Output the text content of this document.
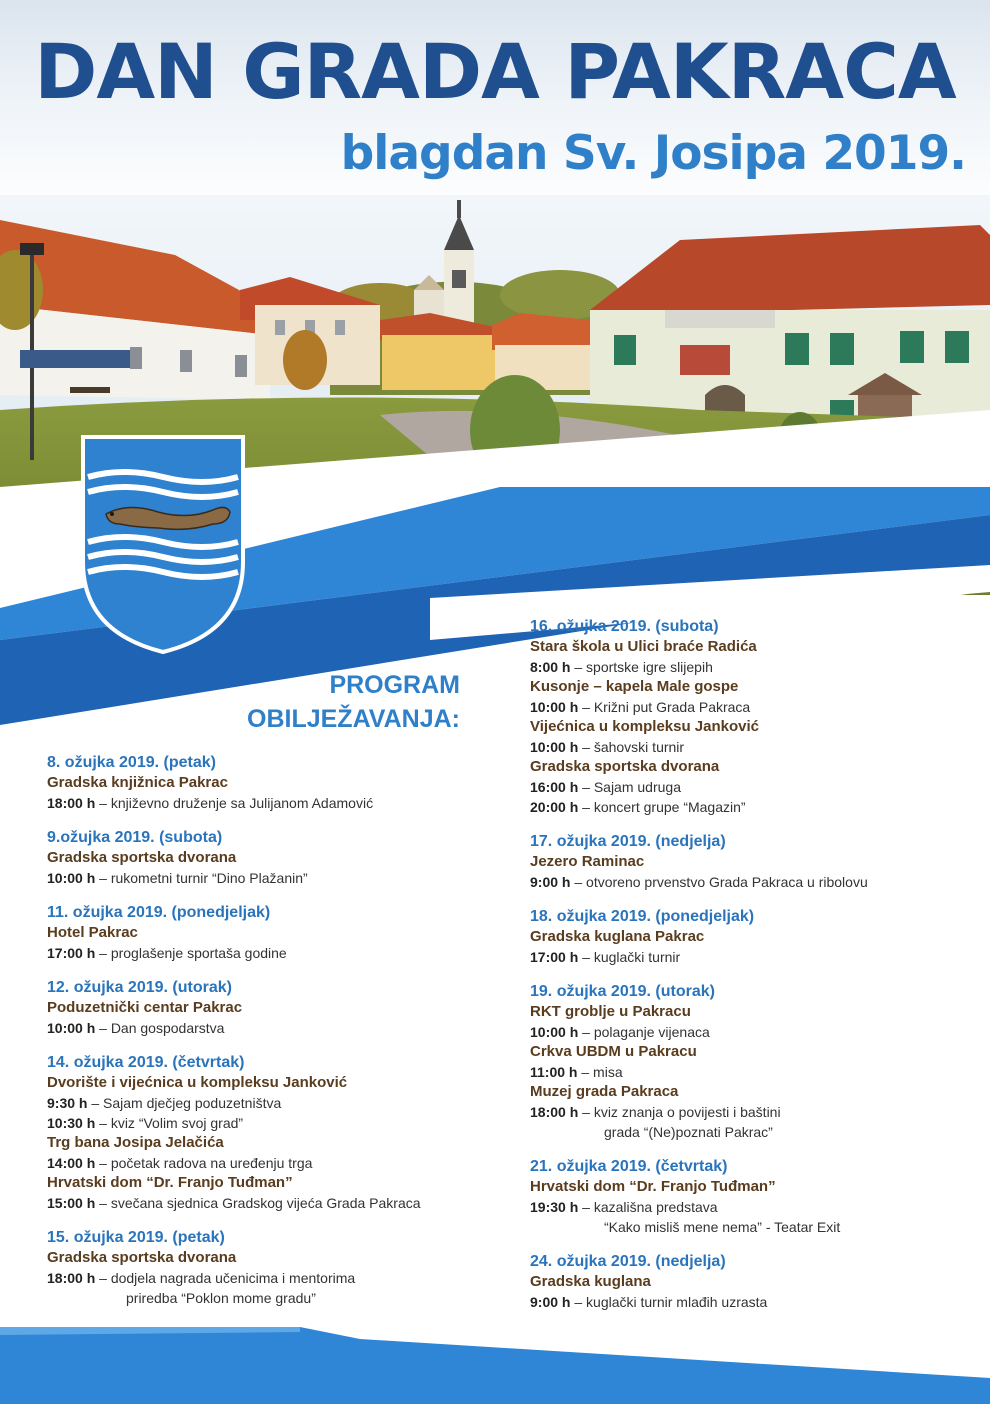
DAN GRADA PAKRACA
blagdan Sv. Josipa 2019.
PROGRAM
OBILJEŽAVANJA:
8. ožujka 2019. (petak)
Gradska knjižnica Pakrac
18:00 h – književno druženje sa Julijanom Adamović
9.ožujka 2019. (subota)
Gradska sportska dvorana
10:00 h – rukometni turnir “Dino Plažanin”
11. ožujka 2019. (ponedjeljak)
Hotel Pakrac
17:00 h – proglašenje sportaša godine
12. ožujka 2019. (utorak)
Poduzetnički centar Pakrac
10:00 h – Dan gospodarstva
14. ožujka 2019. (četvrtak)
Dvorište i vijećnica u kompleksu Janković
9:30 h – Sajam dječjeg poduzetništva
10:30 h – kviz “Volim svoj grad”
Trg bana Josipa Jelačića
14:00 h – početak radova na uređenju trga
Hrvatski dom “Dr. Franjo Tuđman”
15:00 h – svečana sjednica Gradskog vijeća Grada Pakraca
15. ožujka 2019. (petak)
Gradska sportska dvorana
18:00 h – dodjela nagrada učenicima i mentorima
priredba “Poklon mome gradu”
16. ožujka 2019. (subota)
Stara škola u Ulici braće Radića
8:00 h – sportske igre slijepih
Kusonje – kapela Male gospe
10:00 h – Križni put Grada Pakraca
Vijećnica u kompleksu Janković
10:00 h – šahovski turnir
Gradska sportska dvorana
16:00 h – Sajam udruga
20:00 h – koncert grupe “Magazin”
17. ožujka 2019. (nedjelja)
Jezero Raminac
9:00 h – otvoreno prvenstvo Grada Pakraca u ribolovu
18. ožujka 2019. (ponedjeljak)
Gradska kuglana Pakrac
17:00 h – kuglački turnir
19. ožujka 2019. (utorak)
RKT groblje u Pakracu
10:00 h – polaganje vijenaca
Crkva UBDM u Pakracu
11:00 h – misa
Muzej grada Pakraca
18:00 h – kviz znanja o povijesti i baštini
grada “(Ne)poznati Pakrac”
21. ožujka 2019. (četvrtak)
Hrvatski dom “Dr. Franjo Tuđman”
19:30 h – kazališna predstava
“Kako misliš mene nema” - Teatar Exit
24. ožujka 2019. (nedjelja)
Gradska kuglana
9:00 h – kuglački turnir mlađih uzrasta
